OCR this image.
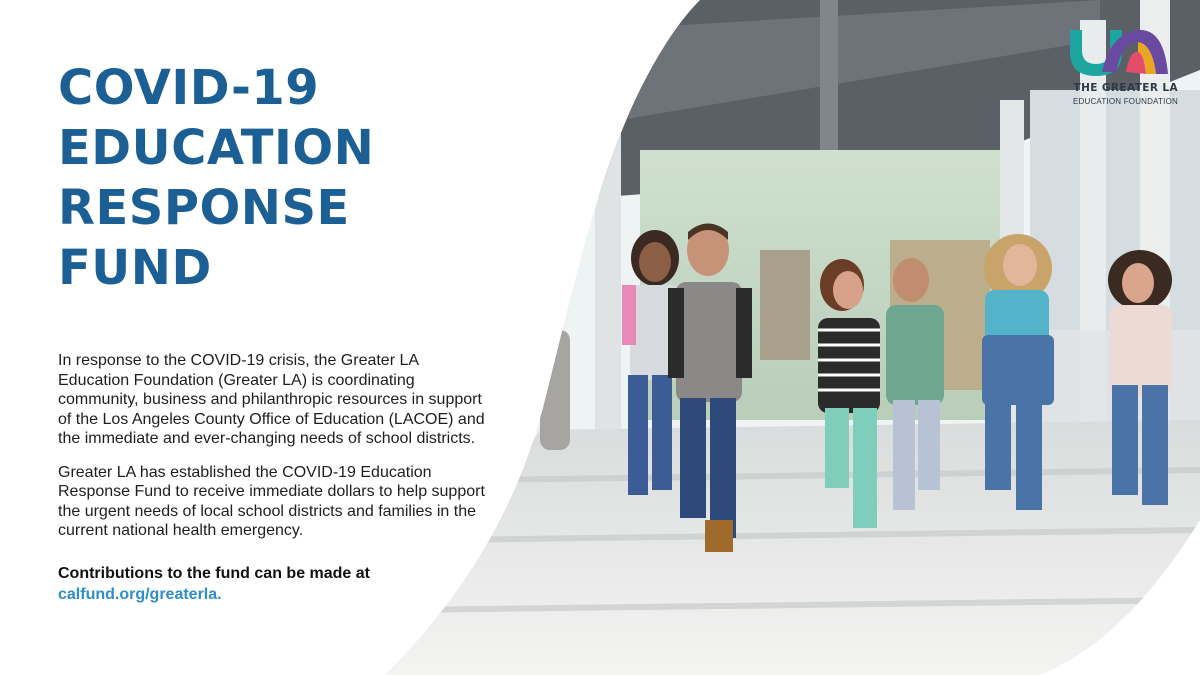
COVID-19
EDUCATION
RESPONSE FUND

In response to the COVID-19 crisis, the Greater LA Education Foundation (Greater LA) is coordinating community, business and philanthropic resources in support of the Los Angeles County Office of Education (LACOE) and the immediate and ever-changing needs of school districts.

Greater LA has established the COVID-19 Education Response Fund to receive immediate dollars to help support the urgent needs of local school districts and families in the current national health emergency.

Contributions to the fund can be made at
calfund.org/greaterla.
THE GREATER LA
EDUCATION FOUNDATION
